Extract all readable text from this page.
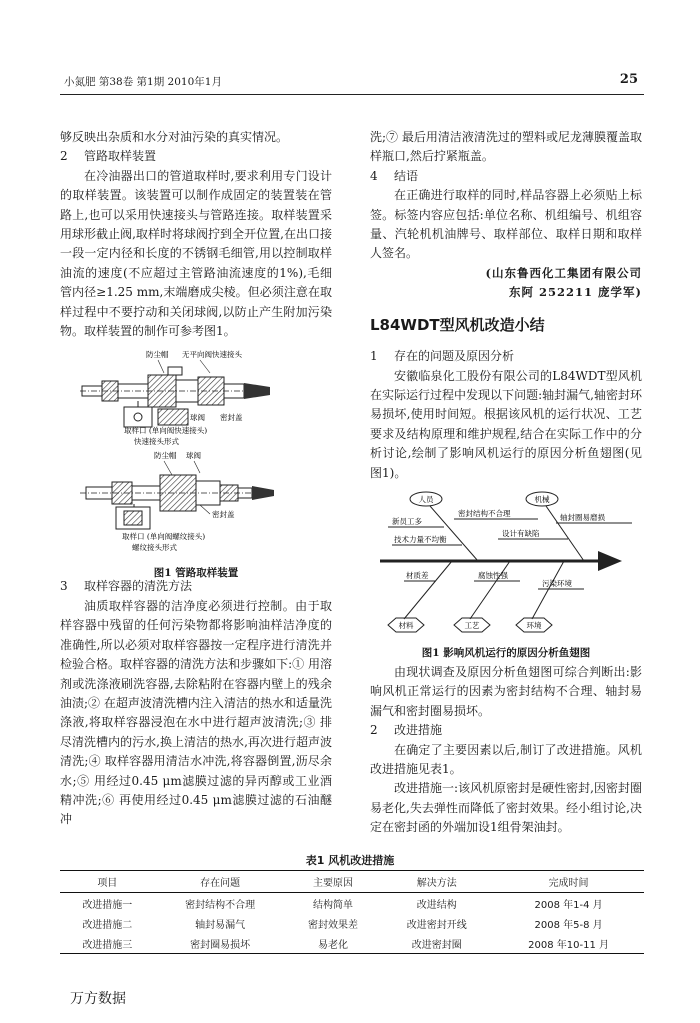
小氮肥 第38卷 第1期 2010年1月	25

够反映出杂质和水分对油污染的真实情况。

2 管路取样装置

在冷油器出口的管道取样时,要求利用专门设计的取样装置。该装置可以制作成固定的装置装在管路上,也可以采用快速接头与管路连接。取样装置采用球形截止阀,取样时将球阀拧到全开位置,在出口接一段一定内径和长度的不锈钢毛细管,用以控制取样油流的速度(不应超过主管路油流速度的1%),毛细管内径≥1.25 mm,末端磨成尖棱。但必须注意在取样过程中不要拧动和关闭球阀,以防止产生附加污染物。取样装置的制作可参考图1。

防尘帽 无平向阀快速接头
球阀 密封盖
取样口 (单向阀快速接头)
快速接头形式
防尘帽 球阀
密封盖
取样口 (单向阀螺纹接头)
螺纹接头形式
图1 管路取样装置
3 取样容器的清洗方法

油质取样容器的洁净度必须进行控制。由于取样容器中残留的任何污染物都将影响油样洁净度的准确性,所以必须对取样容器按一定程序进行清洗并检验合格。取样容器的清洗方法和步骤如下:① 用溶剂或洗涤液刷洗容器,去除粘附在容器内壁上的残余油渍;② 在超声波清洗槽内注入清洁的热水和适量洗涤液,将取样容器浸泡在水中进行超声波清洗;③ 排尽清洗槽内的污水,换上清洁的热水,再次进行超声波清洗;④ 取样容器用清洁水冲洗,将容器倒置,沥尽余水;⑤ 用经过0.45 μm滤膜过滤的异丙醇或工业酒精冲洗;⑥ 再使用经过0.45 μm滤膜过滤的石油醚冲

洗;⑦ 最后用清洁液清洗过的塑料或尼龙薄膜覆盖取样瓶口,然后拧紧瓶盖。

4 结语

在正确进行取样的同时,样品容器上必须贴上标签。标签内容应包括:单位名称、机组编号、机组容量、汽轮机机油牌号、取样部位、取样日期和取样人签名。

(山东鲁西化工集团有限公司
东阿 252211 庞学军)
L84WDT型风机改造小结
1 存在的问题及原因分析

安徽临泉化工股份有限公司的L84WDT型风机在实际运行过程中发现以下问题:轴封漏气,轴密封环易损坏,使用时间短。根据该风机的运行状况、工艺要求及结构原理和维护规程,结合在实际工作中的分析讨论,绘制了影响风机运行的原因分析鱼翅图(见图1)。

人员	机械
密封结构不合理	轴封圈易磨损
新员工多
设计有缺陷
技术力量不均衡
材质差	腐蚀性强
污染环境
材料	工艺	环境
图1 影响风机运行的原因分析鱼翅图

由现状调查及原因分析鱼翅图可综合判断出:影响风机正常运行的因素为密封结构不合理、轴封易漏气和密封圈易损坏。

2 改进措施

在确定了主要因素以后,制订了改进措施。风机改进措施见表1。

改进措施一:该风机原密封是硬性密封,因密封圈易老化,失去弹性而降低了密封效果。经小组讨论,决定在密封函的外端加设1组骨架油封。

表1 风机改进措施
项目	存在问题	主要原因	解决方法	完成时间
改进措施一	密封结构不合理	结构简单	改进结构	2008 年1-4 月
改进措施二	轴封易漏气	密封效果差	改进密封开线	2008 年5-8 月
改进措施三	密封圈易损坏	易老化	改进密封圈	2008 年10-11 月
万方数据
